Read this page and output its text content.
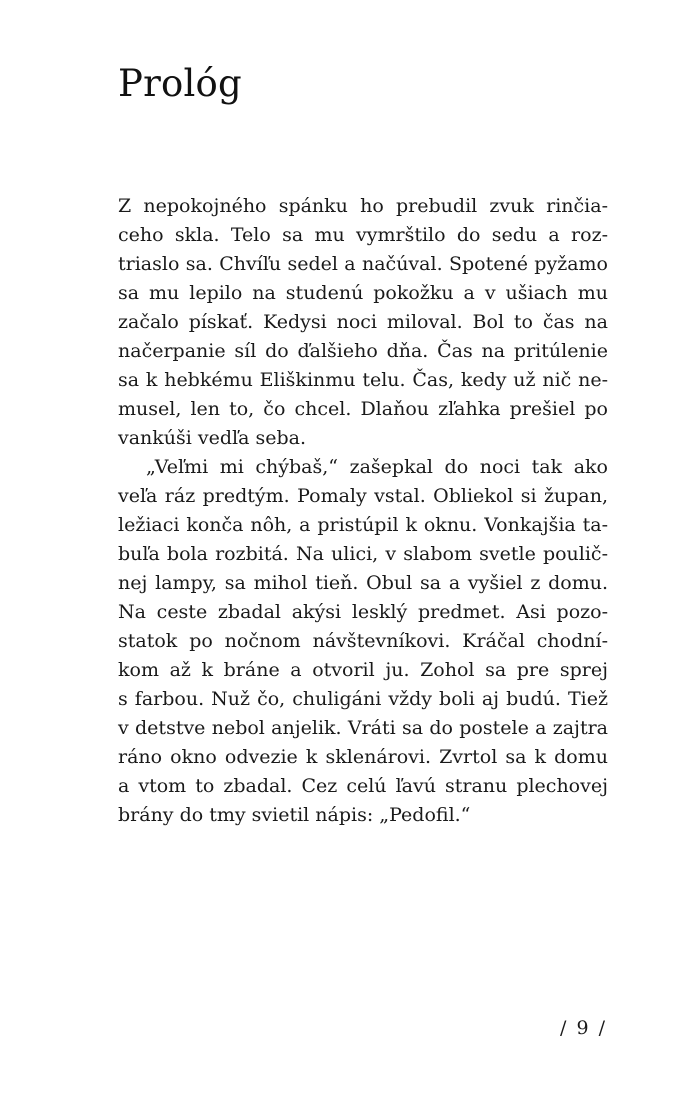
Prológ
Z nepokojného spánku ho prebudil zvuk rinčia-
ceho skla. Telo sa mu vymrštilo do sedu a roz-
triaslo sa. Chvíľu sedel a načúval. Spotené pyžamo
sa mu lepilo na studenú pokožku a v ušiach mu
začalo pískať. Kedysi noci miloval. Bol to čas na
načerpanie síl do ďalšieho dňa. Čas na pritúlenie
sa k hebkému Eliškinmu telu. Čas, kedy už nič ne-
musel, len to, čo chcel. Dlaňou zľahka prešiel po
vankúši vedľa seba.
„Veľmi mi chýbaš,“ zašepkal do noci tak ako
veľa ráz predtým. Pomaly vstal. Obliekol si župan,
ležiaci konča nôh, a pristúpil k oknu. Vonkajšia ta-
buľa bola rozbitá. Na ulici, v slabom svetle poulič-
nej lampy, sa mihol tieň. Obul sa a vyšiel z domu.
Na ceste zbadal akýsi lesklý predmet. Asi pozo-
statok po nočnom návštevníkovi. Kráčal chodní-
kom až k bráne a otvoril ju. Zohol sa pre sprej
s farbou. Nuž čo, chuligáni vždy boli aj budú. Tiež
v detstve nebol anjelik. Vráti sa do postele a zajtra
ráno okno odvezie k sklenárovi. Zvrtol sa k domu
a vtom to zbadal. Cez celú ľavú stranu plechovej
brány do tmy svietil nápis: „Pedofil.“
/ 9 /
